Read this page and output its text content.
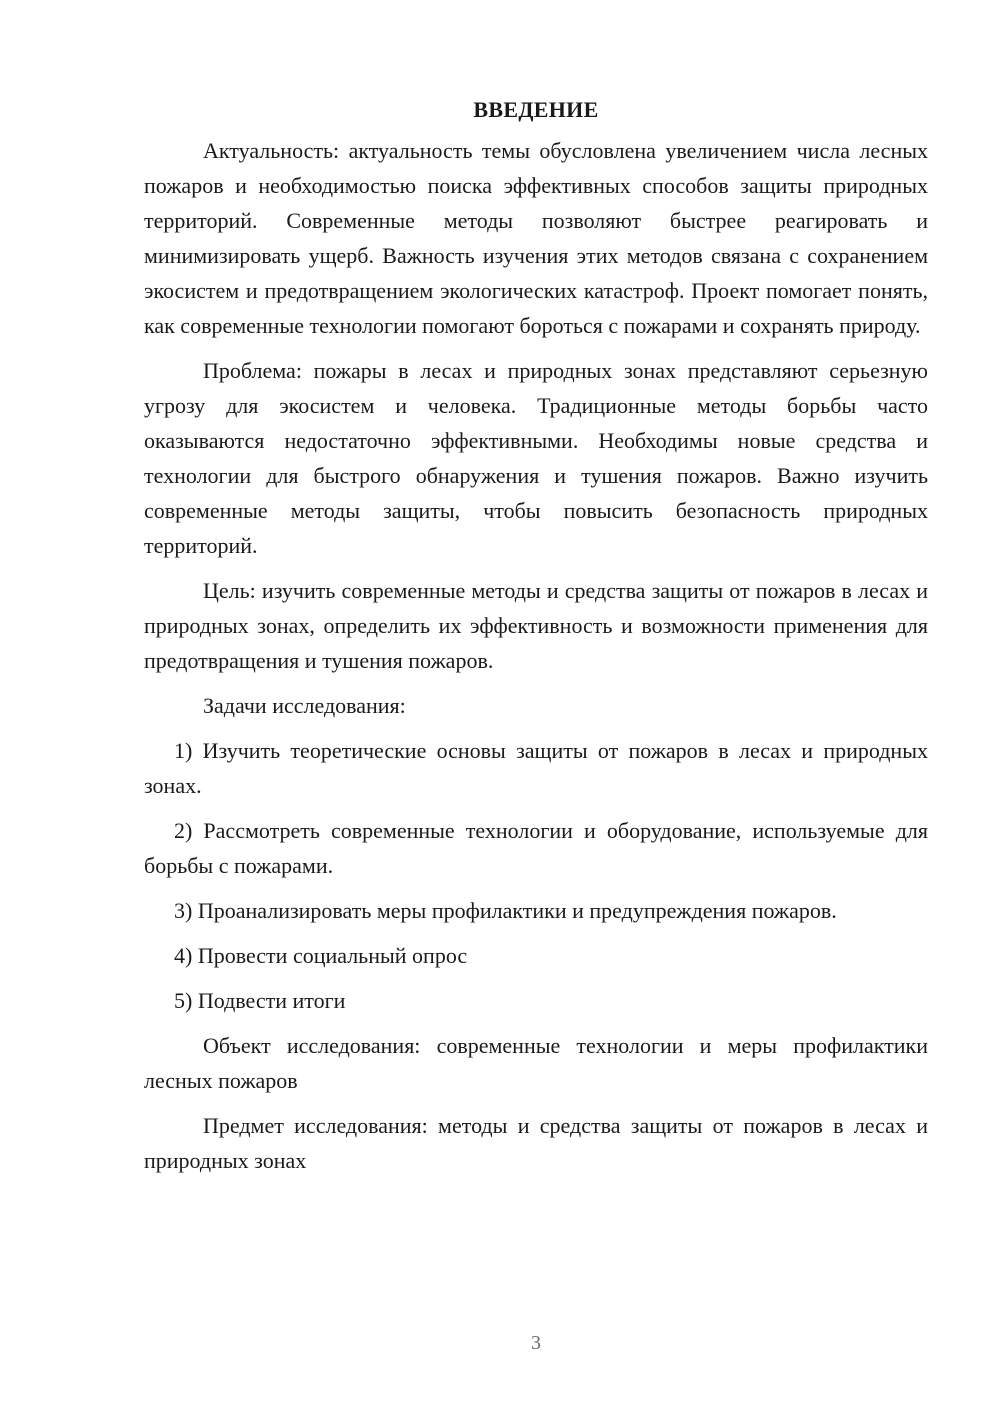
ВВЕДЕНИЕ

Актуальность: актуальность темы обусловлена увеличением числа лесных пожаров и необходимостью поиска эффективных способов защиты природных территорий. Современные методы позволяют быстрее реагировать и минимизировать ущерб. Важность изучения этих методов связана с сохранением экосистем и предотвращением экологических катастроф. Проект помогает понять, как современные технологии помогают бороться с пожарами и сохранять природу.

Проблема: пожары в лесах и природных зонах представляют серьезную угрозу для экосистем и человека. Традиционные методы борьбы часто оказываются недостаточно эффективными. Необходимы новые средства и технологии для быстрого обнаружения и тушения пожаров. Важно изучить современные методы защиты, чтобы повысить безопасность природных территорий.

Цель: изучить современные методы и средства защиты от пожаров в лесах и природных зонах, определить их эффективность и возможности применения для предотвращения и тушения пожаров.

Задачи исследования:

1) Изучить теоретические основы защиты от пожаров в лесах и природных зонах.

2) Рассмотреть современные технологии и оборудование, используемые для борьбы с пожарами.

3) Проанализировать меры профилактики и предупреждения пожаров.

4) Провести социальный опрос

5) Подвести итоги

Объект исследования: современные технологии и меры профилактики лесных пожаров

Предмет исследования: методы и средства защиты от пожаров в лесах и природных зонах

3
